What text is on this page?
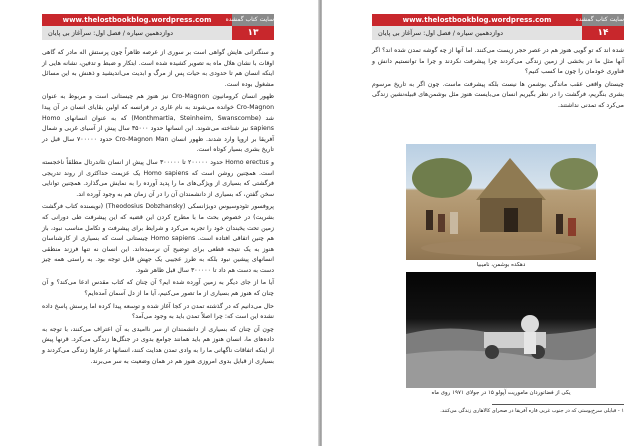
www.thelostbookblog.wordpress.com
دوازدهمین سیاره / فصل اول: سرآغاز بی پایان
سایت کتاب گمشده
۱۳

و سنگترانی هایش گواهی است بر سوری از عرصه ظاهراً چون پرستش اله مادر که گاهی اوقات با نشان هلال ماه به تصویر کشیده شده است. ابتکار و ضبط و تدفین، نشانه هایی از اینکه انسان هم تا حدودی به حیات پس از مرگ و ابدیت می‌اندیشید و ذهنش به این مسائل مشغول بوده است.

ظهور انسان کرومانیون Cro-Magnon نیز هنوز هم چیستانی است و مربوط به عنوان Cro-Magnon خوانده می‌شوند به نام غاری در فرانسه که اولین بقایای انسان در آن پیدا شد (Monthmartia, Steinheim, Swanscombe) که به عنوان انسانهای Homo sapiens نیز شناخته می‌شوند. این انسانها حدود ۳۵۰۰۰ سال پیش از آسیای غربی و شمال آفریقا بر اروپا وارد شدند. ظهور انسان Cro-Magnon Man حدود ۷۰۰۰۰۰ سال قبل در تاریخ بشری بسیار کوتاه است.

و Homo erectus حدود ۲۰۰۰۰۰ تا ۳۰۰۰۰۰ سال پیش از انسان نئاندرتال مطلقاً ناخجسته است. همچنین روشن است که Homo sapiens یک عزیمت حداکثری از روند تدریجی فرگشتی که بسیاری از ویژگی‌های ما را پدید آورده را به نمایش می‌گذارد. همچنین توانایی سخن گفتن، که بسیاری از دانشمندان آن را در آن زمان هم به وجود آورده اند.

پروفسور تئودوسیوس دوبژانسکی (Theodosius Dobzhansky) (نویسنده کتاب فرگشت بشریت) در خصوص بحث ما با مطرح کردن این قضیه که این پیشرفت طی دورانی که زمین تحت یخبندان خود را تجربه می‌کرد و شرایط برای پیشرفت و تکامل مناسب نبود، باز هم چنین اتفاقی افتاده است. Homo sapiens چیستانی است که بسیاری از کارشناسان هنوز به یک نتیجه قطعی برای توضیح آن نرسیده‌اند. این انسان نه تنها فرزند منطقی انسانهای پیشین نبود بلکه به طرز عجیبی یک جهش قابل توجه بود. به راستی همه چیز دست به دست هم داد تا ۳۰۰۰۰۰ سال قبل ظاهر شود.

آیا ما از جای دیگر به زمین آورده شده ایم؟ آن چنان که کتاب مقدس ادعا می‌کند؟ و آن چنان که هنوز هم بسیاری از ما تصور می‌کنیم، آیا ما از دل آسمان آمده‌ایم؟

حال می‌دانیم که در گذشته تمدن در کجا آغاز شده و توسعه پیدا کرده اما پرسش پاسخ داده نشده این است که: چرا اصلاً تمدن باید به وجود می‌آمد؟

چون آن چنان که بسیاری از دانشمندان از سر ناامیدی به آن اعتراف می‌کنند، با توجه به داده‌های ما، انسان هنوز هم باید همانند جوامع بدوی در جنگل‌ها زندگی می‌کرد. قرنها پیش از اینکه اتفاقات ناگهانی ما را به وادی تمدن هدایت کنند، انسانها در غارها زندگی می‌کردند و بسیاری از قبایل بدوی امروزی هنوز هم در همان وضعیت به سر می‌برند.

www.thelostbookblog.wordpress.com
دوازدهمین سیاره / فصل اول: سرآغاز بی پایان
سایت کتاب گمشده
۱۴

شده اند که تو گویی هنوز هم در عصر حجر زیست می‌کنند. اما آنها از چه گوشه تمدن شده اند؟ اگر آنها مثل ما در بخشی از زمین زندگی می‌کردند چرا پیشرفت نکردند و چرا ما توانستیم دانش و فناوری خودمان را چون ما کسب کنیم؟

چیستان واقعی عقب ماندگی بوشمن ها نیست بلکه پیشرفت ماست. چون اگر به تاریخ مرسوم بشری بنگریم، فرگشت را در نظر بگیریم انسان می‌بایست هنوز مثل بوشمن‌های قبیله‌نشین زندگی می‌کرد که تمدنی نداشتند.

دهکده بوشمن، نامیبیا
یکی از فضانوردان ماموریت آپولو ۱۵ در جولای ۱۹۷۱ روی ماه
۱ - قبایلی سرخ‌پوستی که در جنوب غربی قاره آفریقا در صحرای کالاهاری زندگی می‌کنند.
